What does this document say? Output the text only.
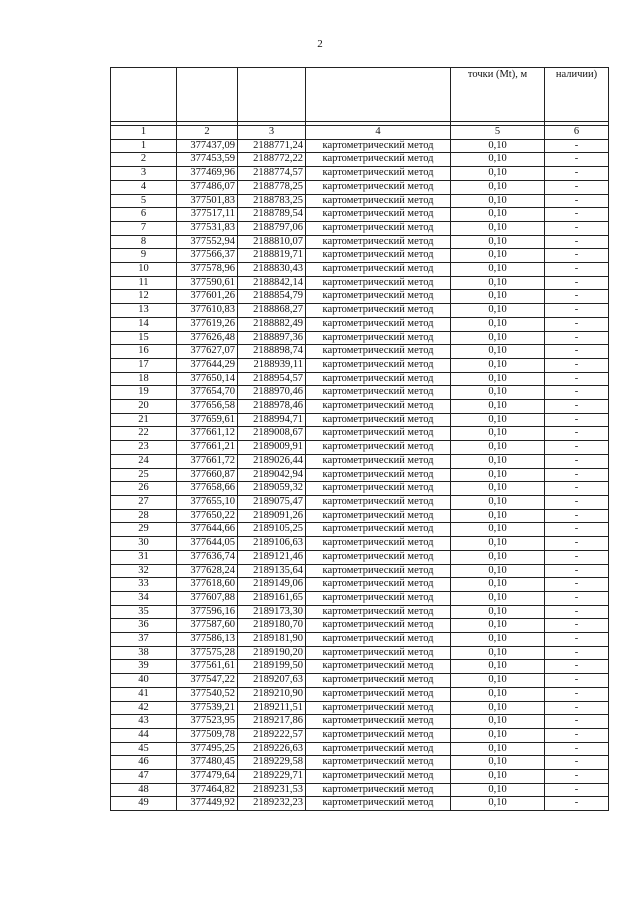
2
				точки (Mt), м	наличии)

1	2	3	4	5	6
1	377437,09	2188771,24	картометрический метод	0,10	-
2	377453,59	2188772,22	картометрический метод	0,10	-
3	377469,96	2188774,57	картометрический метод	0,10	-
4	377486,07	2188778,25	картометрический метод	0,10	-
5	377501,83	2188783,25	картометрический метод	0,10	-
6	377517,11	2188789,54	картометрический метод	0,10	-
7	377531,83	2188797,06	картометрический метод	0,10	-
8	377552,94	2188810,07	картометрический метод	0,10	-
9	377566,37	2188819,71	картометрический метод	0,10	-
10	377578,96	2188830,43	картометрический метод	0,10	-
11	377590,61	2188842,14	картометрический метод	0,10	-
12	377601,26	2188854,79	картометрический метод	0,10	-
13	377610,83	2188868,27	картометрический метод	0,10	-
14	377619,26	2188882,49	картометрический метод	0,10	-
15	377626,48	2188897,36	картометрический метод	0,10	-
16	377627,07	2188898,74	картометрический метод	0,10	-
17	377644,29	2188939,11	картометрический метод	0,10	-
18	377650,14	2188954,57	картометрический метод	0,10	-
19	377654,70	2188970,46	картометрический метод	0,10	-
20	377656,58	2188978,46	картометрический метод	0,10	-
21	377659,61	2188994,71	картометрический метод	0,10	-
22	377661,12	2189008,67	картометрический метод	0,10	-
23	377661,21	2189009,91	картометрический метод	0,10	-
24	377661,72	2189026,44	картометрический метод	0,10	-
25	377660,87	2189042,94	картометрический метод	0,10	-
26	377658,66	2189059,32	картометрический метод	0,10	-
27	377655,10	2189075,47	картометрический метод	0,10	-
28	377650,22	2189091,26	картометрический метод	0,10	-
29	377644,66	2189105,25	картометрический метод	0,10	-
30	377644,05	2189106,63	картометрический метод	0,10	-
31	377636,74	2189121,46	картометрический метод	0,10	-
32	377628,24	2189135,64	картометрический метод	0,10	-
33	377618,60	2189149,06	картометрический метод	0,10	-
34	377607,88	2189161,65	картометрический метод	0,10	-
35	377596,16	2189173,30	картометрический метод	0,10	-
36	377587,60	2189180,70	картометрический метод	0,10	-
37	377586,13	2189181,90	картометрический метод	0,10	-
38	377575,28	2189190,20	картометрический метод	0,10	-
39	377561,61	2189199,50	картометрический метод	0,10	-
40	377547,22	2189207,63	картометрический метод	0,10	-
41	377540,52	2189210,90	картометрический метод	0,10	-
42	377539,21	2189211,51	картометрический метод	0,10	-
43	377523,95	2189217,86	картометрический метод	0,10	-
44	377509,78	2189222,57	картометрический метод	0,10	-
45	377495,25	2189226,63	картометрический метод	0,10	-
46	377480,45	2189229,58	картометрический метод	0,10	-
47	377479,64	2189229,71	картометрический метод	0,10	-
48	377464,82	2189231,53	картометрический метод	0,10	-
49	377449,92	2189232,23	картометрический метод	0,10	-
